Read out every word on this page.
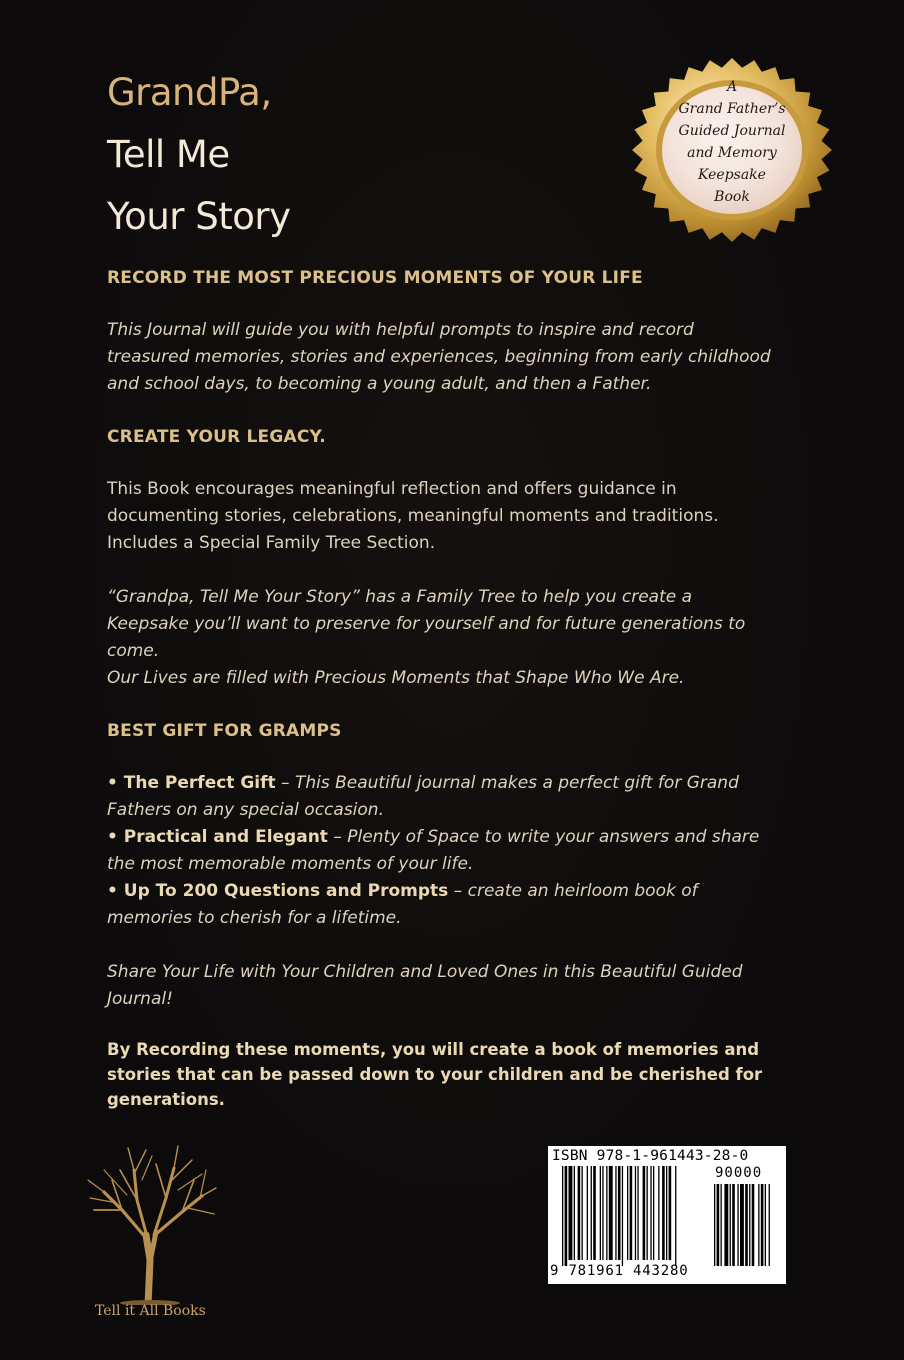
GrandPa,
Tell Me
Your Story
A
Grand Father’s
Guided Journal
and Memory
Keepsake
Book
RECORD THE MOST PRECIOUS MOMENTS OF YOUR LIFE
This Journal will guide you with helpful prompts to inspire and record
treasured memories, stories and experiences, beginning from early childhood
and school days, to becoming a young adult, and then a Father.
CREATE YOUR LEGACY.
This Book encourages meaningful reflection and offers guidance in
documenting stories, celebrations, meaningful moments and traditions.
Includes a Special Family Tree Section.
“Grandpa, Tell Me Your Story” has a Family Tree to help you create a
Keepsake you’ll want to preserve for yourself and for future generations to
come.
Our Lives are filled with Precious Moments that Shape Who We Are.
BEST GIFT FOR GRAMPS
• The Perfect Gift – This Beautiful journal makes a perfect gift for Grand
Fathers on any special occasion.
• Practical and Elegant – Plenty of Space to write your answers and share
the most memorable moments of your life.
• Up To 200 Questions and Prompts – create an heirloom book of
memories to cherish for a lifetime.
Share Your Life with Your Children and Loved Ones in this Beautiful Guided
Journal!
By Recording these moments, you will create a book of memories and
stories that can be passed down to your children and be cherished for
generations.
Tell it All Books
ISBN 978-1-961443-28-0
90000
9 781961 443280
